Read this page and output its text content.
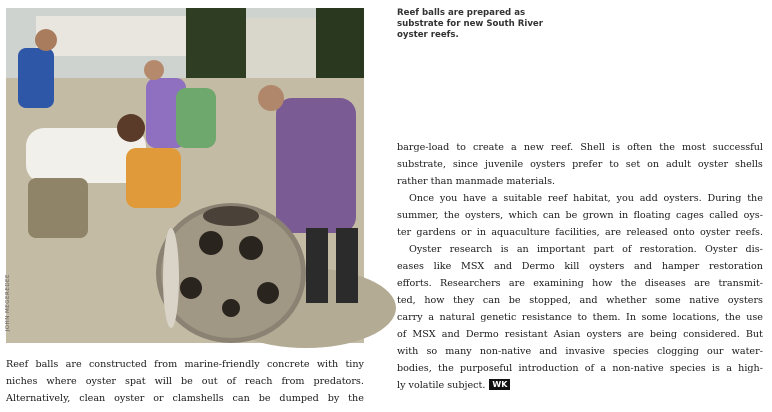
JOHN MEGEREDEE
Reef balls are prepared as
substrate for new South River
oyster reefs.
Reef balls are constructed from marine-friendly concrete with tiny
niches where oyster spat will be out of reach from predators.
Alternatively, clean oyster or clamshells can be dumped by the
barge-load to create a new reef. Shell is often the most successful
substrate, since juvenile oysters prefer to set on adult oyster shells
rather than manmade materials.
Once you have a suitable reef habitat, you add oysters. During the
summer, the oysters, which can be grown in floating cages called oys-
ter gardens or in aquaculture facilities, are released onto oyster reefs.
Oyster research is an important part of restoration. Oyster dis-
eases like MSX and Dermo kill oysters and hamper restoration
efforts. Researchers are examining how the diseases are transmit-
ted, how they can be stopped, and whether some native oysters
carry a natural genetic resistance to them. In some locations, the use
of MSX and Dermo resistant Asian oysters are being considered. But
with so many non-native and invasive species clogging our water-
bodies, the purposeful introduction of a non-native species is a high-
ly volatile subject. WK
